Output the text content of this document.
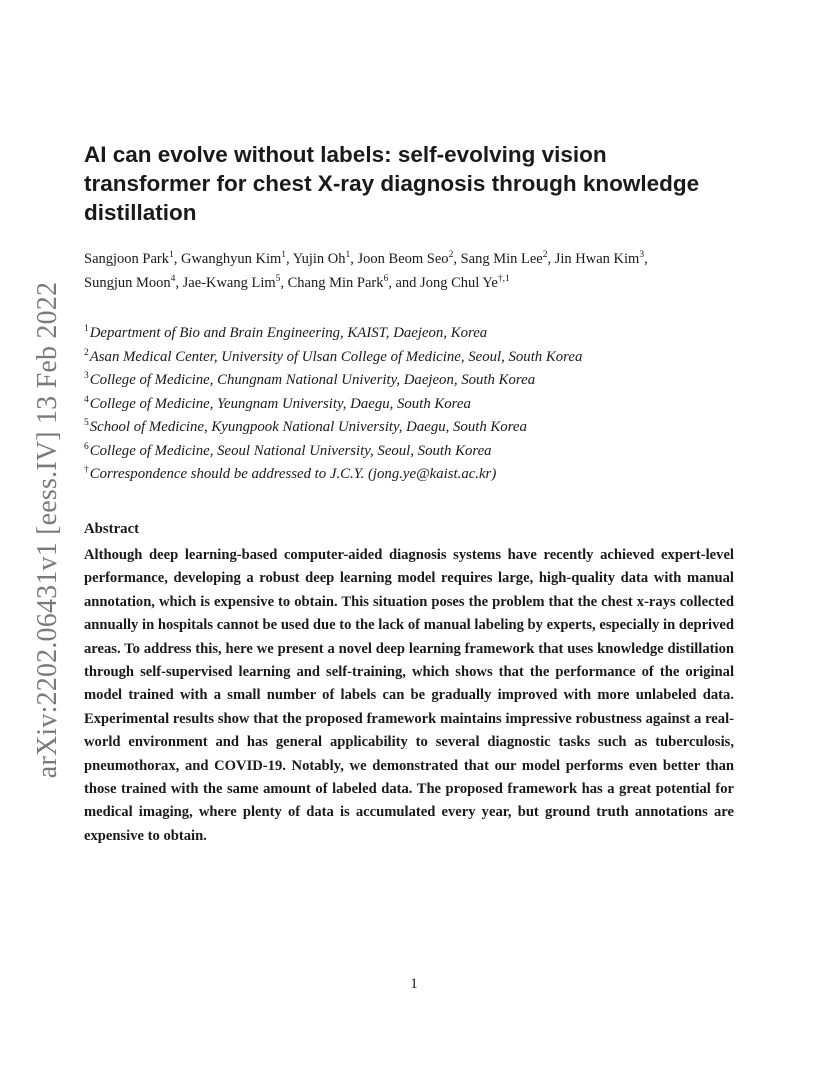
arXiv:2202.06431v1 [eess.IV] 13 Feb 2022
AI can evolve without labels: self-evolving vision transformer for chest X-ray diagnosis through knowledge distillation

Sangjoon Park$^1$, Gwanghyun Kim$^1$, Yujin Oh$^1$, Joon Beom Seo$^2$, Sang Min Lee$^2$, Jin Hwan Kim$^3$,
Sungjun Moon$^4$, Jae-Kwang Lim$^5$, Chang Min Park$^6$, and Jong Chul $Ye^{\dagger,1}$

$^1$Department of Bio and Brain Engineering, KAIST, Daejeon, Korea
$^2$Asan Medical Center, University of Ulsan College of Medicine, Seoul, South Korea
$^3$College of Medicine, Chungnam National Univerity, Daejeon, South Korea
$^4$College of Medicine, Yeungnam University, Daegu, South Korea
$^5$School of Medicine, Kyungpook National University, Daegu, South Korea
$^6$College of Medicine, Seoul National University, Seoul, South Korea
†Correspondence should be addressed to J.C.Y. (jong.ye@kaist.ac.kr)
Abstract

Although deep learning-based computer-aided diagnosis systems have recently achieved expert-level performance, developing a robust deep learning model requires large, high-quality data with manual annotation, which is expensive to obtain. This situation poses the problem that the chest x-rays collected annually in hospitals cannot be used due to the lack of manual labeling by experts, especially in deprived areas. To address this, here we present a novel deep learning framework that uses knowledge distillation through self-supervised learning and self-training, which shows that the performance of the original model trained with a small number of labels can be gradually improved with more unlabeled data. Experimental results show that the proposed framework maintains impressive robustness against a real-world environment and has general applicability to several diagnostic tasks such as tuberculosis, pneumothorax, and COVID-19. Notably, we demonstrated that our model performs even better than those trained with the same amount of labeled data. The proposed framework has a great potential for medical imaging, where plenty of data is accumulated every year, but ground truth annotations are expensive to obtain.

1
